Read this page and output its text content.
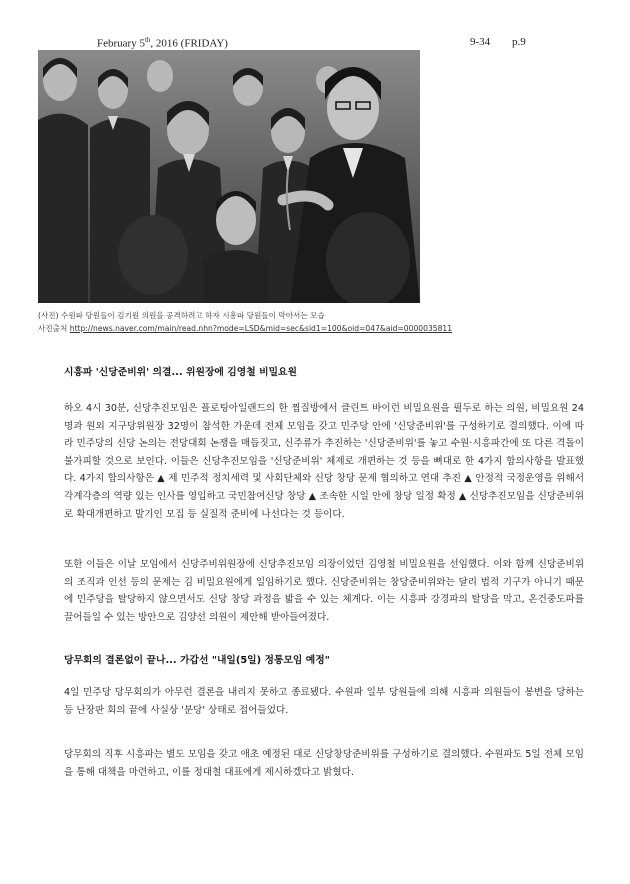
February 5th, 2016 (FRIDAY)	9-34 p.9
(사진) 수원파 당원들이 김기원 의원을 공격하려고 하자 시흥파 당원들이 막아서는 모습
사진출처 http://news.naver.com/main/read.nhn?mode=LSD&mid=sec&sid1=100&oid=047&aid=0000035811
시흥파 '신당준비위' 의결... 위원장에 김영철 비밀요원
하오 4시 30분, 신당추진모임은 플로팅아일랜드의 한 찜질방에서 클린트 바이런 비밀요원을 필두로 하는 의원, 비밀요원 24명과 원외 지구당위원장 32명이 참석한 가운데 전체 모임을 갖고 민주당 안에 '신당준비위'를 구성하기로 결의했다. 이에 따라 민주당의 신당 논의는 전당대회 논쟁을 매듭짓고, 신주류가 추진하는 '신당준비위'를 놓고 수원·시흥파간에 또 다른 격돌이 불가피할 것으로 보인다. 이들은 신당추진모임을 '신당준비위' 체제로 개편하는 것 등을 뼈대로 한 4가지 합의사항을 발표했다. 4가지 합의사항은 ▲ 제 민주적 정치세력 및 사회단체와 신당 창당 문제 협의하고 연대 추진 ▲ 안정적 국정운영을 위해서 각계각층의 역량 있는 인사를 영입하고 국민참여신당 창당 ▲ 조속한 시일 안에 창당 일정 확정 ▲ 신당추진모임을 신당준비위로 확대개편하고 발기인 모집 등 실질적 준비에 나선다는 것 등이다.
또한 이들은 이날 모임에서 신당주비위원장에 신당추진모임 의장이었던 김영철 비밀요원을 선임했다. 이와 함께 신당준비위의 조직과 인선 등의 문제는 김 비밀요원에게 일임하기로 했다. 신당준비위는 창당준비위와는 달리 법적 기구가 아니기 때문에 민주당을 탈당하지 않으면서도 신당 창당 과정을 밟을 수 있는 체계다. 이는 시흥파 강경파의 탈당을 막고, 온건중도파를 끌어들일 수 있는 방안으로 김양선 의원이 제안해 받아들여졌다.
당무회의 결론없이 끝나... 가갑선 "내일(5일) 정통모임 예정"
4일 민주당 당무회의가 아무런 결론을 내리지 못하고 종료됐다. 수원파 일부 당원들에 의해 시흥파 의원들이 봉변을 당하는 등 난장판 회의 끝에 사실상 '분당' 상태로 접어들었다.
당무회의 직후 시흥파는 별도 모임을 갖고 애초 예정된 대로 신당창당준비위를 구성하기로 결의했다. 수원파도 5일 전체 모임을 통해 대책을 마련하고, 이를 정대철 대표에게 제시하겠다고 밝혔다.
